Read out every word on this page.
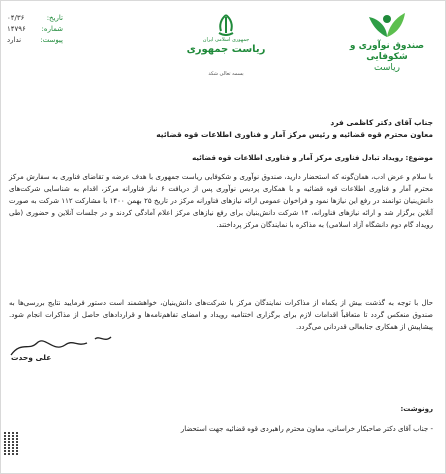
صندوق نوآوری و شکوفایی
ریاست
جمهوری اسلامی ایران
ریاست جمهوری
بسمه تعالی شکد
تاریخ:
۰۴/۳۶
شماره:
۱۴۷۹۶
پیوست:
ندارد
جناب آقای دکتر کاظمی فرد
معاون محترم قوه قضائیه و رئیس مرکز آمار و فناوری اطلاعات قوه قضائیه
موضوع: رویداد تبادل فناوری مرکز آمار و فناوری اطلاعات قوه قضائیه
با سلام و عرض ادب، همان‌گونه که استحضار دارید، صندوق نوآوری و شکوفایی ریاست جمهوری با هدف عرضه و تقاضای فناوری به سفارش مرکز محترم آمار و فناوری اطلاعات قوه قضائیه و با همکاری پردیس نوآوری پس از دریافت ۶ نیاز فناورانه مرکز، اقدام به شناسایی شرکت‌های دانش‌بنیان توانمند در رفع این نیازها نمود و فراخوان عمومی ارائه نیازهای فناورانه مرکز در تاریخ ۲۵ بهمن ۱۴۰۰ با مشارکت ۱۱۲ شرکت به صورت آنلاین برگزار شد و ارائه نیازهای فناورانه، ۱۴ شرکت دانش‌بنیان برای رفع نیازهای مرکز اعلام آمادگی کردند و در جلسات آنلاین و حضوری (طی رویداد گام دوم دانشگاه آزاد اسلامی) به مذاکره با نمایندگان مرکز پرداختند.
حال با توجه به گذشت بیش از یکماه از مذاکرات نمایندگان مرکز با شرکت‌های دانش‌بنیان، خواهشمند است دستور فرمایید نتایج بررسی‌ها به صندوق منعکس گردد تا متعاقباً اقدامات لازم برای برگزاری اختتامیه رویداد و امضای تفاهم‌نامه‌ها و قراردادهای حاصل از مذاکرات انجام شود. پیشاپیش از همکاری جنابعالی قدردانی می‌گردد.
علی وحدت
رونوشت:
- جناب آقای دکتر صاحبکار خراسانی، معاون محترم راهبردی قوه قضائیه جهت استحضار
